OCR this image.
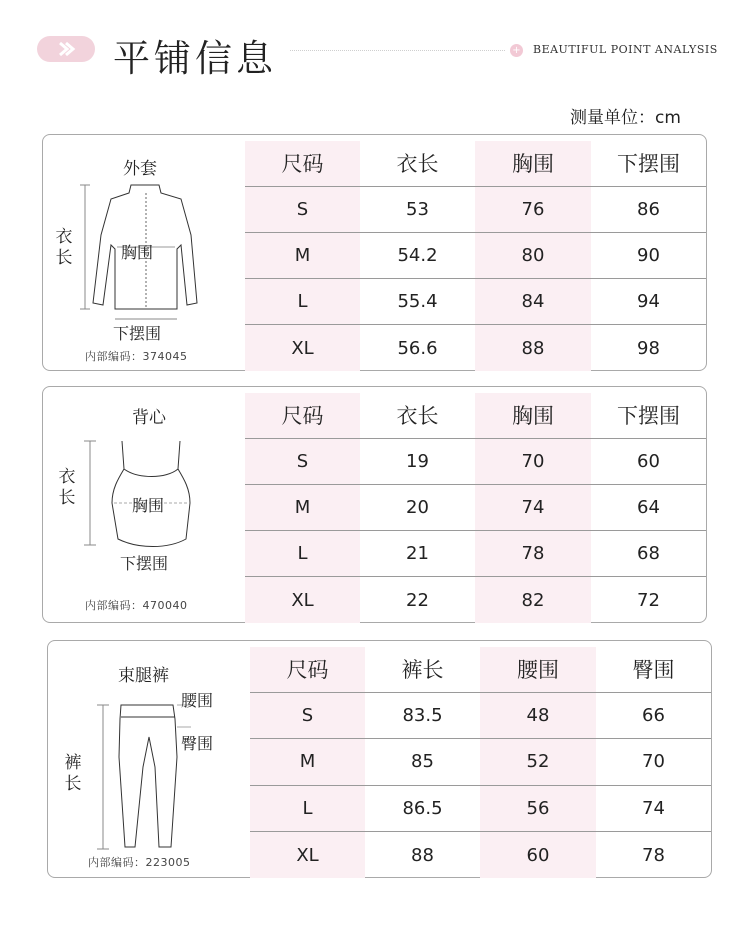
平铺信息	+ BEAUTIFUL POINT ANALYSIS
测量单位：cm
外套
衣长	胸围
下摆围
内部编码：374045
尺码	衣长	胸围	下摆围
S	53	76	86
M	54.2	80	90
L	55.4	84	94
XL	56.6	88	98
背心
衣长	胸围
下摆围
内部编码：470040
尺码	衣长	胸围	下摆围
S	19	70	60
M	20	74	64
L	21	78	68
XL	22	82	72
束腿裤
裤长
腰围
臀围
内部编码：223005
尺码	裤长	腰围	臀围
S	83.5	48	66
M	85	52	70
L	86.5	56	74
XL	88	60	78
